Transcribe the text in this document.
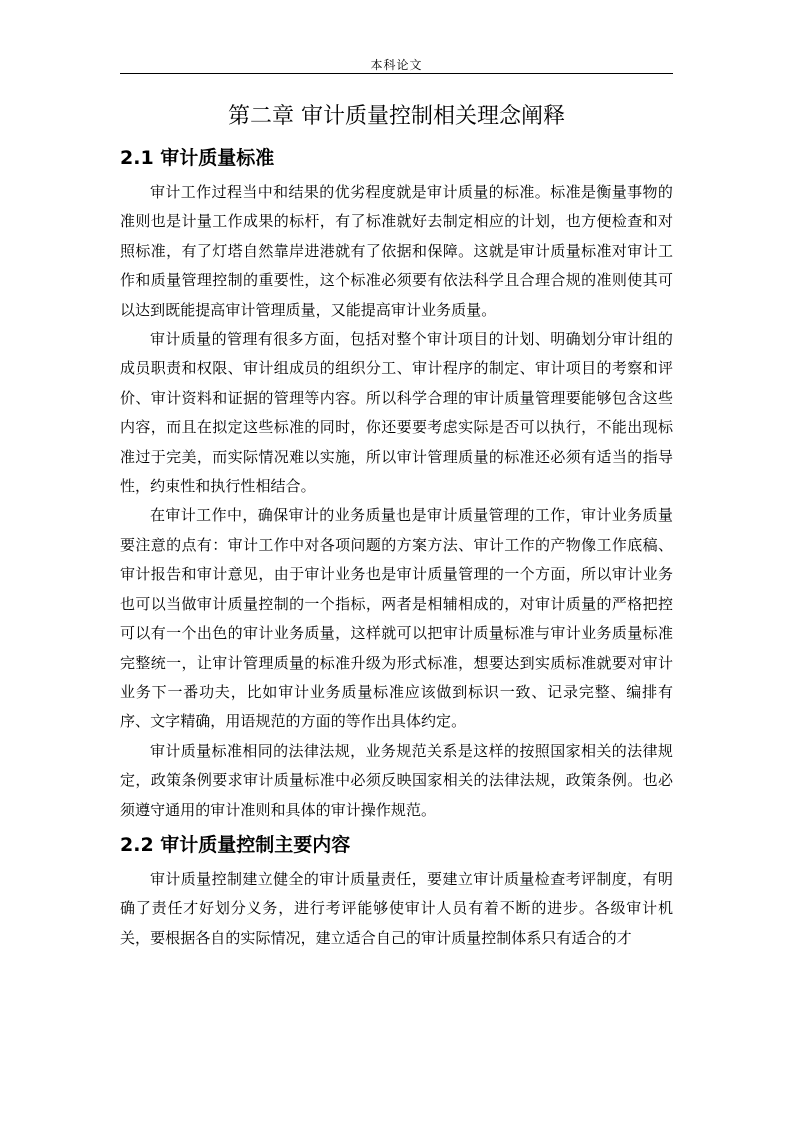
本科论文
第二章 审计质量控制相关理念阐释
2.1 审计质量标准

审计工作过程当中和结果的优劣程度就是审计质量的标准。标准是衡量事物的准则也是计量工作成果的标杆，有了标准就好去制定相应的计划，也方便检查和对照标准，有了灯塔自然靠岸进港就有了依据和保障。这就是审计质量标准对审计工作和质量管理控制的重要性，这个标准必须要有依法科学且合理合规的准则使其可以达到既能提高审计管理质量，又能提高审计业务质量。

审计质量的管理有很多方面，包括对整个审计项目的计划、明确划分审计组的成员职责和权限、审计组成员的组织分工、审计程序的制定、审计项目的考察和评价、审计资料和证据的管理等内容。所以科学合理的审计质量管理要能够包含这些内容，而且在拟定这些标准的同时，你还要要考虑实际是否可以执行，不能出现标准过于完美，而实际情况难以实施，所以审计管理质量的标准还必须有适当的指导性，约束性和执行性相结合。

在审计工作中，确保审计的业务质量也是审计质量管理的工作，审计业务质量要注意的点有：审计工作中对各项问题的方案方法、审计工作的产物像工作底稿、审计报告和审计意见，由于审计业务也是审计质量管理的一个方面，所以审计业务也可以当做审计质量控制的一个指标，两者是相辅相成的，对审计质量的严格把控可以有一个出色的审计业务质量，这样就可以把审计质量标准与审计业务质量标准完整统一，让审计管理质量的标准升级为形式标准，想要达到实质标准就要对审计业务下一番功夫，比如审计业务质量标准应该做到标识一致、记录完整、编排有序、文字精确，用语规范的方面的等作出具体约定。

审计质量标准相同的法律法规，业务规范关系是这样的按照国家相关的法律规定，政策条例要求审计质量标准中必须反映国家相关的法律法规，政策条例。也必须遵守通用的审计准则和具体的审计操作规范。

2.2 审计质量控制主要内容

审计质量控制建立健全的审计质量责任，要建立审计质量检查考评制度，有明确了责任才好划分义务，进行考评能够使审计人员有着不断的进步。各级审计机关，要根据各自的实际情况，建立适合自己的审计质量控制体系只有适合的才
